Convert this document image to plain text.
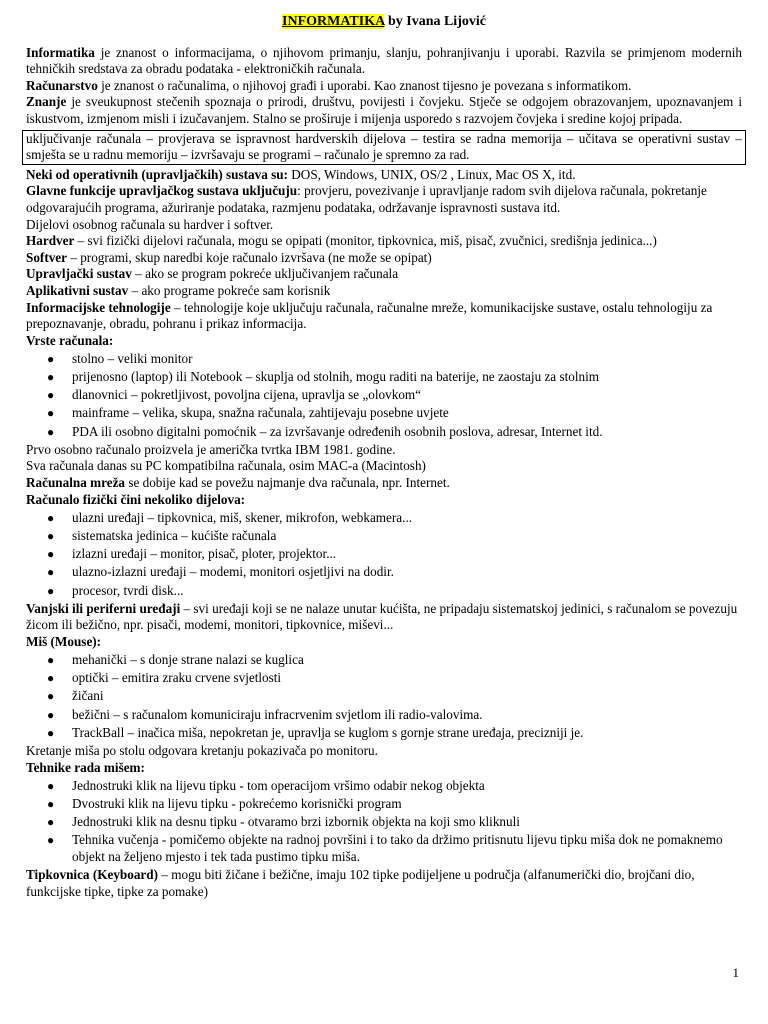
INFORMATIKA by Ivana Lijović

Informatika je znanost o informacijama, o njihovom primanju, slanju, pohranjivanju i uporabi. Razvila se primjenom modernih tehničkih sredstava za obradu podataka - elektroničkih računala.

Računarstvo je znanost o računalima, o njihovoj građi i uporabi. Kao znanost tijesno je povezana s informatikom.

Znanje je sveukupnost stečenih spoznaja o prirodi, društvu, povijesti i čovjeku. Stječe se odgojem obrazovanjem, upoznavanjem i iskustvom, izmjenom misli i izučavanjem. Stalno se proširuje i mijenja usporedo s razvojem čovjeka i sredine kojoj pripada.

uključivanje računala – provjerava se ispravnost hardverskih dijelova – testira se radna memorija – učitava se operativni sustav – smješta se u radnu memoriju – izvršavaju se programi – računalo je spremno za rad.

Neki od operativnih (upravljačkih) sustava su: DOS, Windows, UNIX, OS/2 , Linux, Mac OS X, itd.

Glavne funkcije upravljačkog sustava uključuju: provjeru, povezivanje i upravljanje radom svih dijelova računala, pokretanje odgovarajućih programa, ažuriranje podataka, razmjenu podataka, održavanje ispravnosti sustava itd.

Dijelovi osobnog računala su hardver i softver.

Hardver – svi fizički dijelovi računala, mogu se opipati (monitor, tipkovnica, miš, pisač, zvučnici, središnja jedinica...)

Softver – programi, skup naredbi koje računalo izvršava (ne može se opipat)

Upravljački sustav – ako se program pokreće uključivanjem računala

Aplikativni sustav – ako programe pokreće sam korisnik

Informacijske tehnologije – tehnologije koje uključuju računala, računalne mreže, komunikacijske sustave, ostalu tehnologiju za prepoznavanje, obradu, pohranu i prikaz informacija.

Vrste računala:

● stolno – veliki monitor
● prijenosno (laptop) ili Notebook – skuplja od stolnih, mogu raditi na baterije, ne zaostaju za stolnim
● dlanovnici – pokretljivost, povoljna cijena, upravlja se „olovkom“
● mainframe – velika, skupa, snažna računala, zahtijevaju posebne uvjete
● PDA ili osobno digitalni pomoćnik – za izvršavanje određenih osobnih poslova, adresar, Internet itd.

Prvo osobno računalo proizvela je američka tvrtka IBM 1981. godine.

Sva računala danas su PC kompatibilna računala, osim MAC-a (Macintosh)

Računalna mreža se dobije kad se povežu najmanje dva računala, npr. Internet.

Računalo fizički čini nekoliko dijelova:

● ulazni uređaji – tipkovnica, miš, skener, mikrofon, webkamera...
● sistematska jedinica – kućište računala
● izlazni uređaji – monitor, pisač, ploter, projektor...
● ulazno-izlazni uređaji – modemi, monitori osjetljivi na dodir.
● procesor, tvrdi disk...

Vanjski ili periferni uređaji – svi uređaji koji se ne nalaze unutar kućišta, ne pripadaju sistematskoj jedinici, s računalom se povezuju žicom ili bežično, npr. pisači, modemi, monitori, tipkovnice, miševi...

Miš (Mouse):

● mehanički – s donje strane nalazi se kuglica
● optički – emitira zraku crvene svjetlosti
● žičani
● bežični – s računalom komuniciraju infracrvenim svjetlom ili radio-valovima.
● TrackBall – inačica miša, nepokretan je, upravlja se kuglom s gornje strane uređaja, precizniji je.

Kretanje miša po stolu odgovara kretanju pokazivača po monitoru.

Tehnike rada mišem:

● Jednostruki klik na lijevu tipku - tom operacijom vršimo odabir nekog objekta
● Dvostruki klik na lijevu tipku - pokrećemo korisnički program
● Jednostruki klik na desnu tipku - otvaramo brzi izbornik objekta na koji smo kliknuli
● Tehnika vučenja - pomičemo objekte na radnoj površini i to tako da držimo pritisnutu lijevu tipku miša dok ne pomaknemo objekt na željeno mjesto i tek tada pustimo tipku miša.

Tipkovnica (Keyboard) – mogu biti žičane i bežične, imaju 102 tipke podijeljene u područja (alfanumerički dio, brojčani dio, funkcijske tipke, tipke za pomake)

1
